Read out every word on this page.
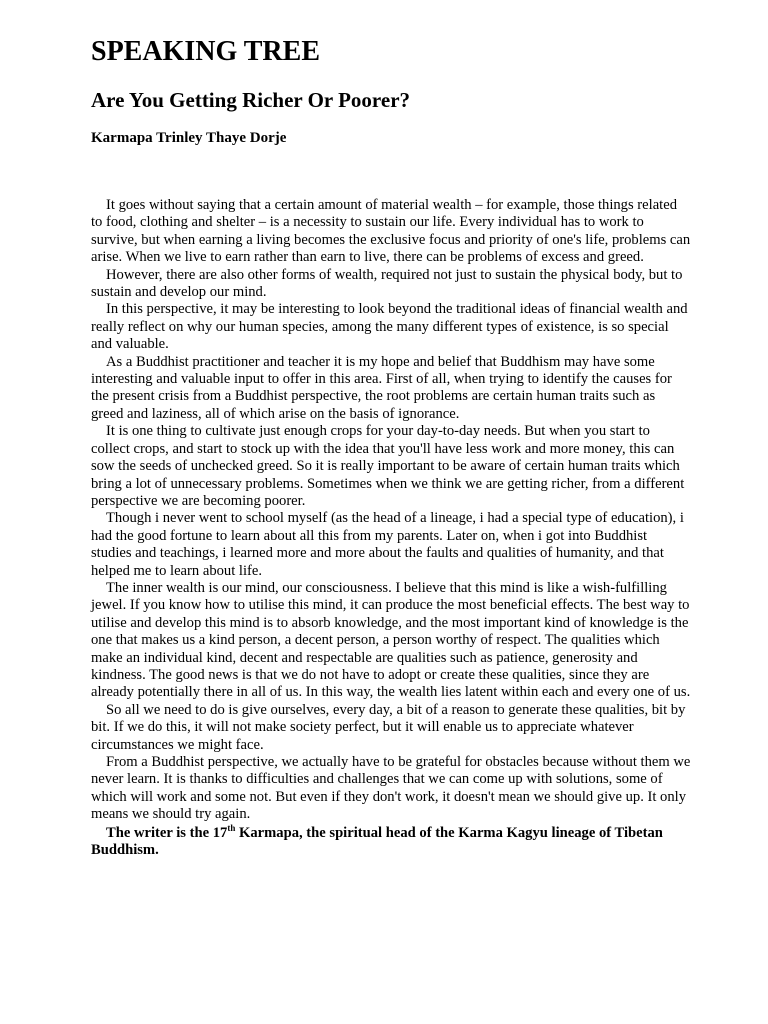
SPEAKING TREE
Are You Getting Richer Or Poorer?

Karmapa Trinley Thaye Dorje

It goes without saying that a certain amount of material wealth – for example, those things related to food, clothing and shelter – is a necessity to sustain our life. Every individual has to work to survive, but when earning a living becomes the exclusive focus and priority of one's life, problems can arise. When we live to earn rather than earn to live, there can be problems of excess and greed.

However, there are also other forms of wealth, required not just to sustain the physical body, but to sustain and develop our mind.

In this perspective, it may be interesting to look beyond the traditional ideas of financial wealth and really reflect on why our human species, among the many different types of existence, is so special and valuable.

As a Buddhist practitioner and teacher it is my hope and belief that Buddhism may have some interesting and valuable input to offer in this area. First of all, when trying to identify the causes for the present crisis from a Buddhist perspective, the root problems are certain human traits such as greed and laziness, all of which arise on the basis of ignorance.

It is one thing to cultivate just enough crops for your day-to-day needs. But when you start to collect crops, and start to stock up with the idea that you'll have less work and more money, this can sow the seeds of unchecked greed. So it is really important to be aware of certain human traits which bring a lot of unnecessary problems. Sometimes when we think we are getting richer, from a different perspective we are becoming poorer.

Though i never went to school myself (as the head of a lineage, i had a special type of education), i had the good fortune to learn about all this from my parents. Later on, when i got into Buddhist studies and teachings, i learned more and more about the faults and qualities of humanity, and that helped me to learn about life.

The inner wealth is our mind, our consciousness. I believe that this mind is like a wish-fulfilling jewel. If you know how to utilise this mind, it can produce the most beneficial effects. The best way to utilise and develop this mind is to absorb knowledge, and the most important kind of knowledge is the one that makes us a kind person, a decent person, a person worthy of respect. The qualities which make an individual kind, decent and respectable are qualities such as patience, generosity and kindness. The good news is that we do not have to adopt or create these qualities, since they are already potentially there in all of us. In this way, the wealth lies latent within each and every one of us.

So all we need to do is give ourselves, every day, a bit of a reason to generate these qualities, bit by bit. If we do this, it will not make society perfect, but it will enable us to appreciate whatever circumstances we might face.

From a Buddhist perspective, we actually have to be grateful for obstacles because without them we never learn. It is thanks to difficulties and challenges that we can come up with solutions, some of which will work and some not. But even if they don't work, it doesn't mean we should give up. It only means we should try again.

The writer is the 17th Karmapa, the spiritual head of the Karma Kagyu lineage of Tibetan Buddhism.
